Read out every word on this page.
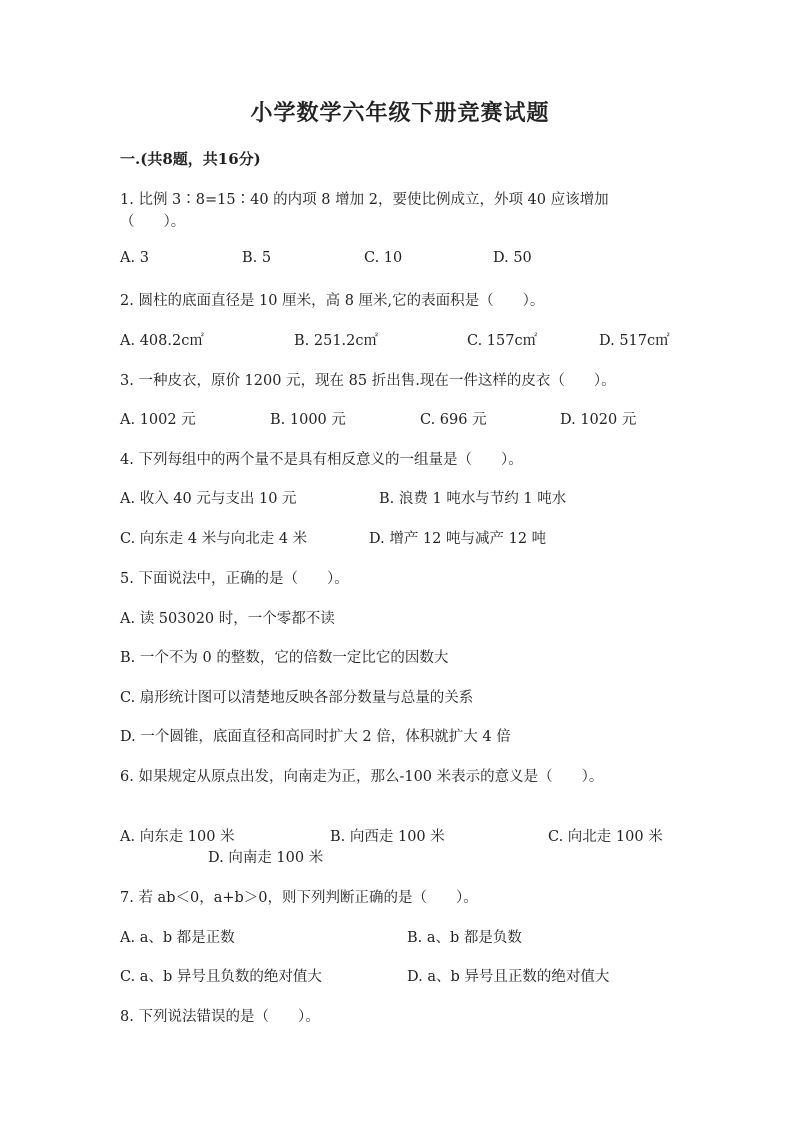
小学数学六年级下册竞赛试题
一.(共8题，共16分)
1. 比例 3∶8=15∶40 的内项 8 增加 2，要使比例成立，外项 40 应该增加
（　　）。
A. 3	B. 5	C. 10	D. 50
2. 圆柱的底面直径是 10 厘米，高 8 厘米,它的表面积是（　　）。
A. 408.2c㎡	B. 251.2c㎡	C. 157c㎡	D. 517c㎡
3. 一种皮衣，原价 1200 元，现在 85 折出售.现在一件这样的皮衣（　　）。
A. 1002 元	B. 1000 元	C. 696 元	D. 1020 元
4. 下列每组中的两个量不是具有相反意义的一组量是（　　）。
A. 收入 40 元与支出 10 元	B. 浪费 1 吨水与节约 1 吨水
C. 向东走 4 米与向北走 4 米	D. 增产 12 吨与减产 12 吨
5. 下面说法中，正确的是（　　）。
A. 读 503020 时，一个零都不读
B. 一个不为 0 的整数，它的倍数一定比它的因数大
C. 扇形统计图可以清楚地反映各部分数量与总量的关系
D. 一个圆锥，底面直径和高同时扩大 2 倍，体积就扩大 4 倍
6. 如果规定从原点出发，向南走为正，那么-100 米表示的意义是（　　）。
A. 向东走 100 米	B. 向西走 100 米	C. 向北走 100 米
D. 向南走 100 米
7. 若 ab＜0，a+b＞0，则下列判断正确的是（　　）。
A. a、b 都是正数	B. a、b 都是负数
C. a、b 异号且负数的绝对值大	D. a、b 异号且正数的绝对值大
8. 下列说法错误的是（　　）。
